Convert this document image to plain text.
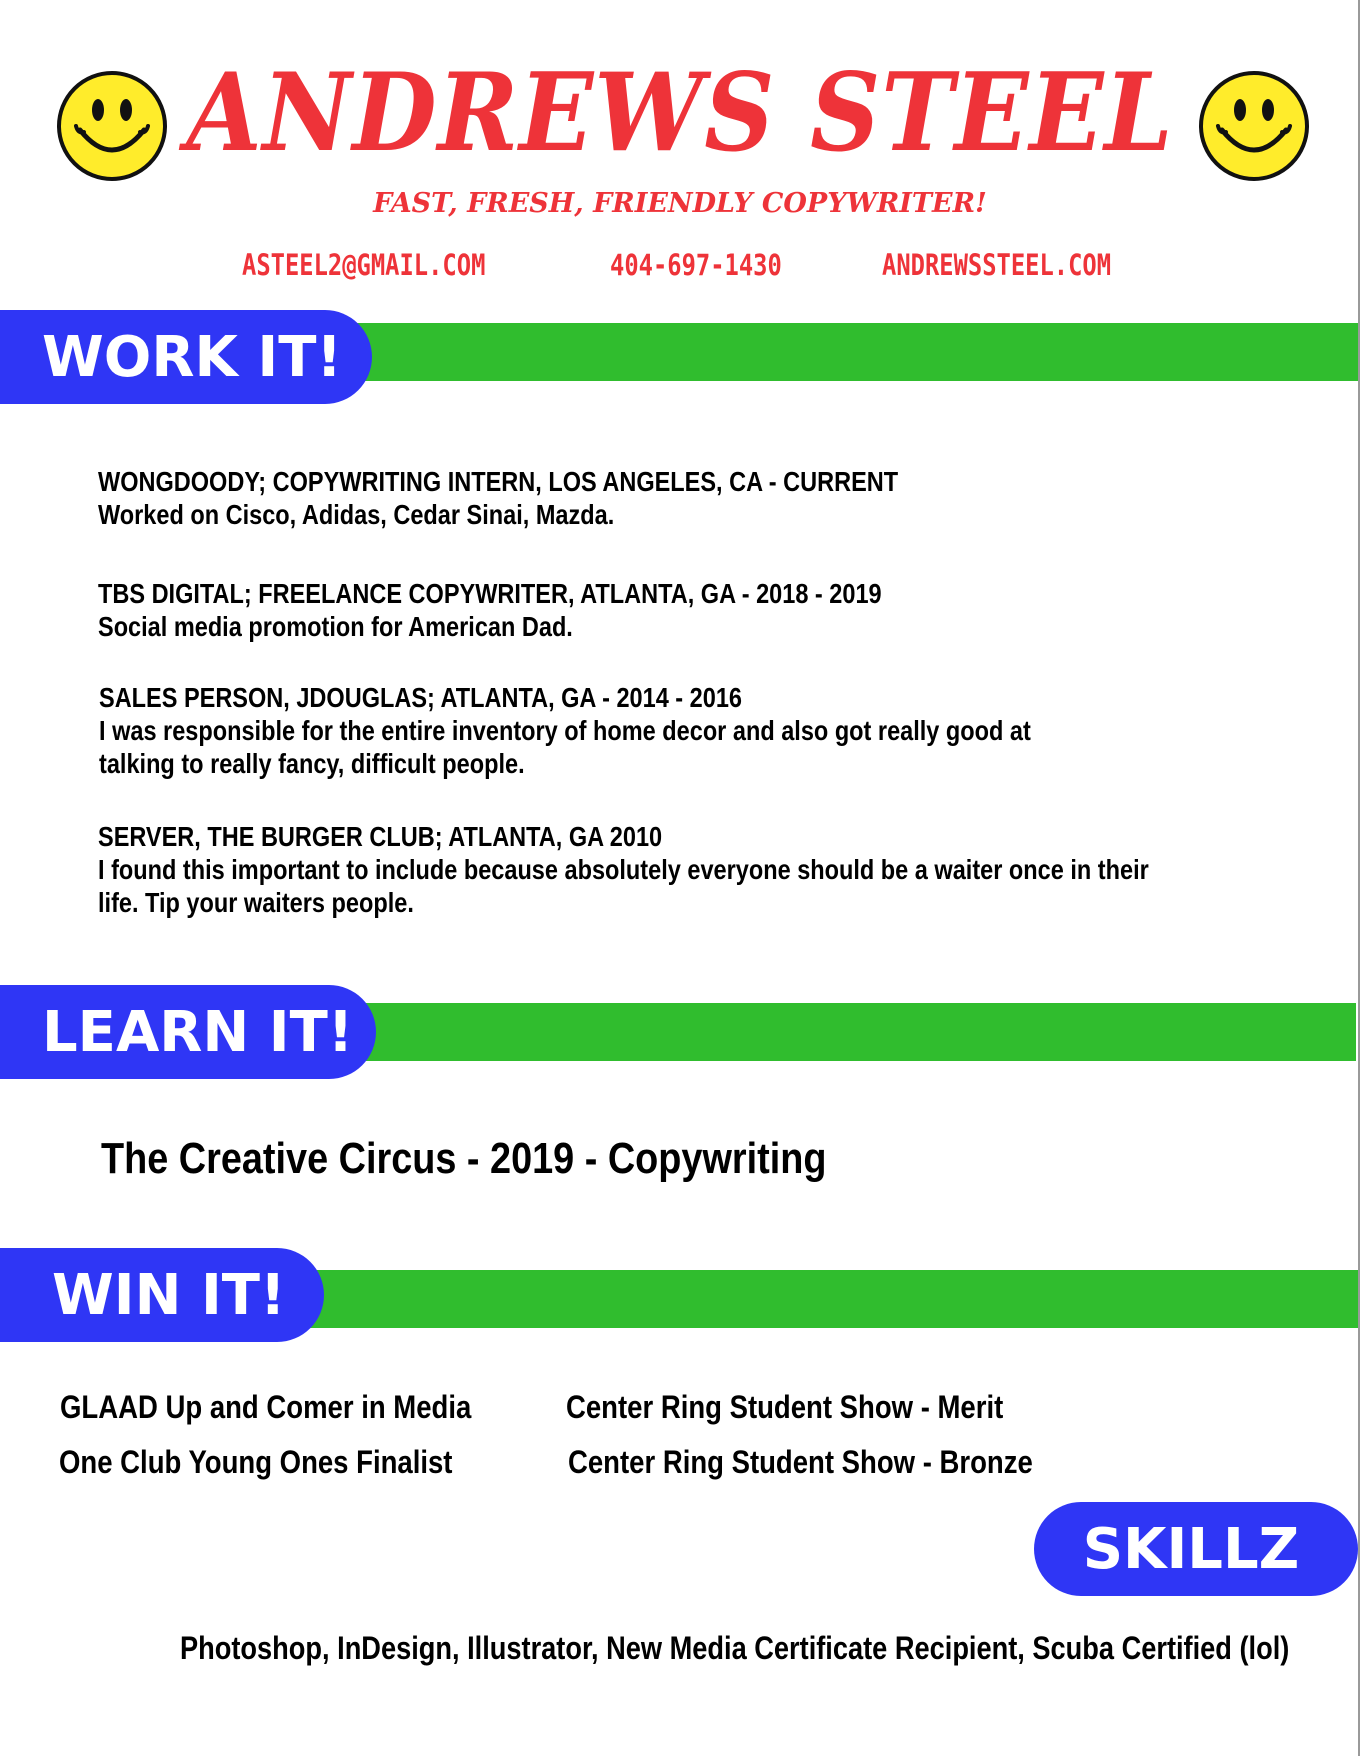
ANDREWS STEEL
FAST, FRESH, FRIENDLY COPYWRITER!
ASTEEL2@GMAIL.COM	404-697-1430	ANDREWSSTEEL.COM
WORK IT!
WONGDOODY; COPYWRITING INTERN, LOS ANGELES, CA - CURRENT
Worked on Cisco, Adidas, Cedar Sinai, Mazda.
TBS DIGITAL; FREELANCE COPYWRITER, ATLANTA, GA - 2018 - 2019
Social media promotion for American Dad.
SALES PERSON, JDOUGLAS; ATLANTA, GA - 2014 - 2016
I was responsible for the entire inventory of home decor and also got really good at
talking to really fancy, difficult people.
SERVER, THE BURGER CLUB; ATLANTA, GA 2010
I found this important to include because absolutely everyone should be a waiter once in their
life. Tip your waiters people.
LEARN IT!
The Creative Circus - 2019 - Copywriting
WIN IT!
GLAAD Up and Comer in Media
One Club Young Ones Finalist
Center Ring Student Show - Merit
Center Ring Student Show - Bronze
SKILLZ
Photoshop, InDesign, Illustrator, New Media Certificate Recipient, Scuba Certified (lol)
